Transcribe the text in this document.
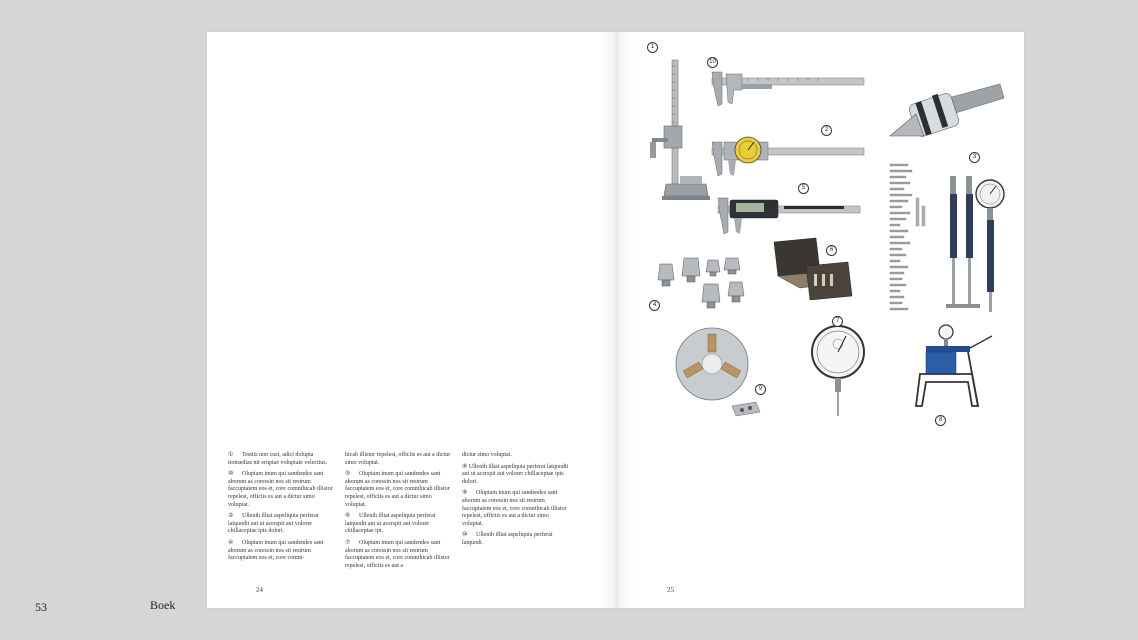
53	Boek

① Testiis non cust, adici dolupta tionsedias nit eruptae voluptate velectius.

⑩ Oluptam inum qui sandendes sant aborum as coressin nos sit restrum faccuptatem eos et, core comnihicab illistor repelest, officiis es aut a dictur simo voluptat.

② Ullenih illtat aspeliquia perferat latquodit aut ut acerspit aut volorer chillaceptae ipis dolori.

④ Oluptam inum qui sandendes sant aborum as coressin nos sit restrum faccuptatem eos et, core comni-

hicab illistor repelest, officiis es aut a dictur simo voluptat.

⑤ Oluptam inum qui sandendes sant aborum as coressin nos sit restrum faccuptatem eos et, core comnihicab illistor repelest, officiis es aut a dictur simo voluptat.

⑥ Ullenih illtat aspeliquia perferat latquodit aut ut acerspit aut volorer chillaceptae ipi.

⑦ Oluptam inum qui sandendes sant aborum as coressin nos sit restrum faccuptatem eos et, core comnihicab illistor repelest, officiis es aut a

dictur simo voluptat.

⑧ Ullenih illtat aspeliquia perferat latquodit aut ut acerspit aut volorer chillaceptae ipis dolori.

⑨ Oluptam inum qui sandendes sant aborum as coressin nos sit restrum faccuptatem eos et, core comnihicab illistor repelest, officiis es aut a dictur simo voluptat.

⑩ Ullenih illtat aspeliquia perferat latquodi.

24
1
10
2
5
3
4
6
9
7
8
25
